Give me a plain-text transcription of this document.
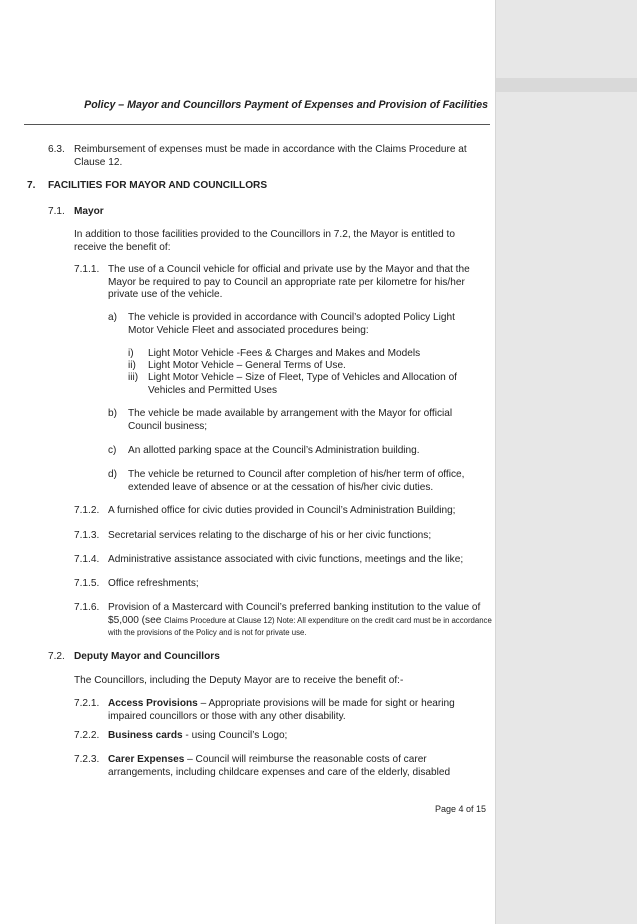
Policy – Mayor and Councillors Payment of Expenses and Provision of Facilities
6.3. Reimbursement of expenses must be made in accordance with the Claims Procedure at Clause 12.
7. FACILITIES FOR MAYOR AND COUNCILLORS
7.1. Mayor
In addition to those facilities provided to the Councillors in 7.2, the Mayor is entitled to receive the benefit of:
7.1.1. The use of a Council vehicle for official and private use by the Mayor and that the Mayor be required to pay to Council an appropriate rate per kilometre for his/her private use of the vehicle.
a) The vehicle is provided in accordance with Council’s adopted Policy Light Motor Vehicle Fleet and associated procedures being:
i) Light Motor Vehicle -Fees & Charges and Makes and Models
ii) Light Motor Vehicle – General Terms of Use.
iii) Light Motor Vehicle – Size of Fleet, Type of Vehicles and Allocation of Vehicles and Permitted Uses
b) The vehicle be made available by arrangement with the Mayor for official Council business;
c) An allotted parking space at the Council’s Administration building.
d) The vehicle be returned to Council after completion of his/her term of office, extended leave of absence or at the cessation of his/her civic duties.
7.1.2. A furnished office for civic duties provided in Council’s Administration Building;
7.1.3. Secretarial services relating to the discharge of his or her civic functions;
7.1.4. Administrative assistance associated with civic functions, meetings and the like;
7.1.5. Office refreshments;
7.1.6. Provision of a Mastercard with Council’s preferred banking institution to the value of $5,000 (see Claims Procedure at Clause 12) Note: All expenditure on the credit card must be in accordance with the provisions of the Policy and is not for private use.
7.2. Deputy Mayor and Councillors
The Councillors, including the Deputy Mayor are to receive the benefit of:-
7.2.1. Access Provisions – Appropriate provisions will be made for sight or hearing impaired councillors or those with any other disability.
7.2.2. Business cards - using Council’s Logo;
7.2.3. Carer Expenses – Council will reimburse the reasonable costs of carer arrangements, including childcare expenses and care of the elderly, disabled
Page 4 of 15
